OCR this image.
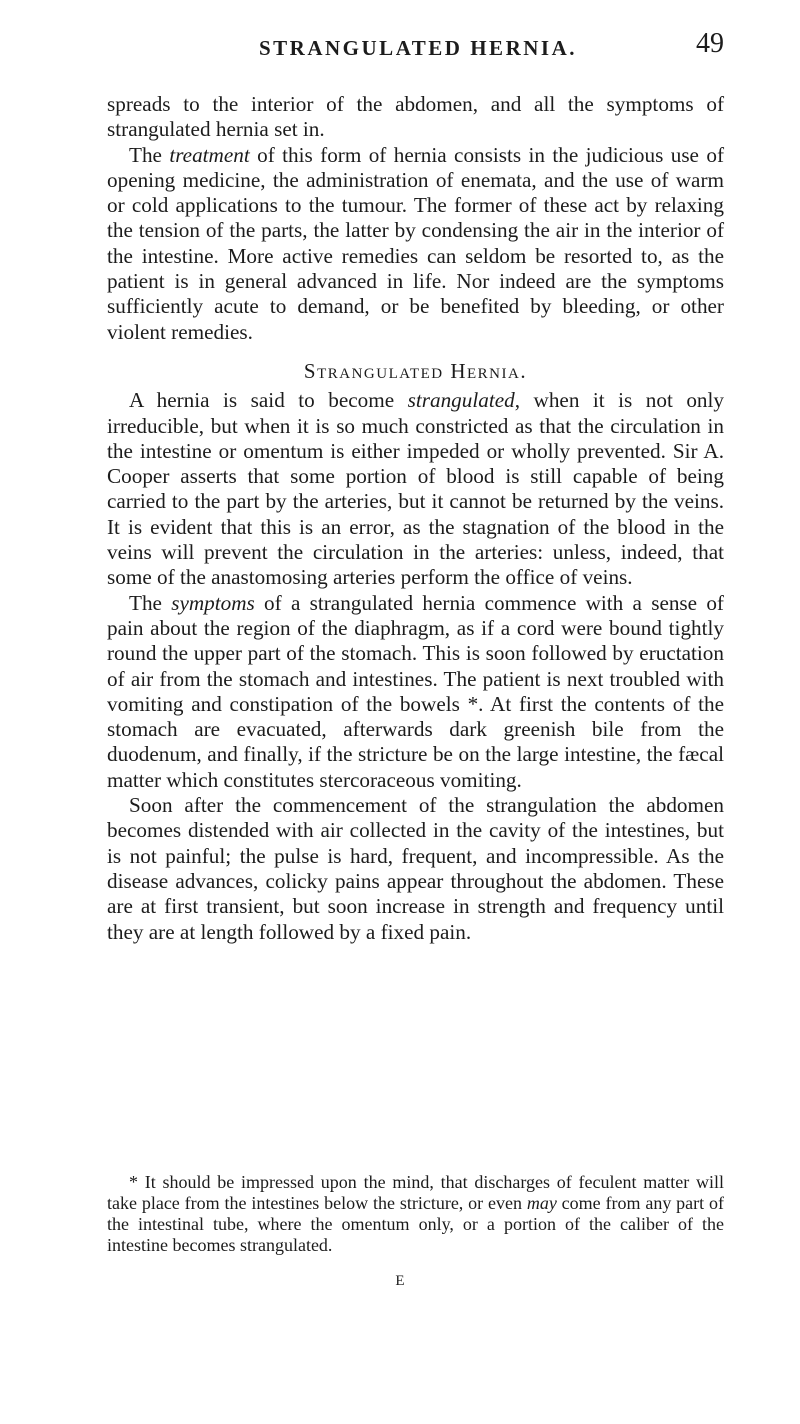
STRANGULATED HERNIA.	49

spreads to the interior of the abdomen, and all the symptoms of strangulated hernia set in.

The treatment of this form of hernia consists in the judicious use of opening medicine, the administration of enemata, and the use of warm or cold applications to the tumour. The former of these act by relaxing the tension of the parts, the latter by condensing the air in the interior of the intestine. More active remedies can seldom be resorted to, as the patient is in general advanced in life. Nor indeed are the symptoms sufficiently acute to demand, or be benefited by bleeding, or other violent remedies.

Strangulated Hernia.

A hernia is said to become strangulated, when it is not only irreducible, but when it is so much constricted as that the circulation in the intestine or omentum is either impeded or wholly prevented. Sir A. Cooper asserts that some portion of blood is still capable of being carried to the part by the arteries, but it cannot be returned by the veins. It is evident that this is an error, as the stagnation of the blood in the veins will prevent the circulation in the arteries: unless, indeed, that some of the anastomosing arteries perform the office of veins.

The symptoms of a strangulated hernia commence with a sense of pain about the region of the diaphragm, as if a cord were bound tightly round the upper part of the stomach. This is soon followed by eructation of air from the stomach and intestines. The patient is next troubled with vomiting and constipation of the bowels *. At first the contents of the stomach are evacuated, afterwards dark greenish bile from the duodenum, and finally, if the stricture be on the large intestine, the fæcal matter which constitutes stercoraceous vomiting.

Soon after the commencement of the strangulation the abdomen becomes distended with air collected in the cavity of the intestines, but is not painful; the pulse is hard, frequent, and incompressible. As the disease advances, colicky pains appear throughout the abdomen. These are at first transient, but soon increase in strength and frequency until they are at length followed by a fixed pain.

* It should be impressed upon the mind, that discharges of feculent matter will take place from the intestines below the stricture, or even may come from any part of the intestinal tube, where the omentum only, or a portion of the caliber of the intestine becomes strangulated.
E
